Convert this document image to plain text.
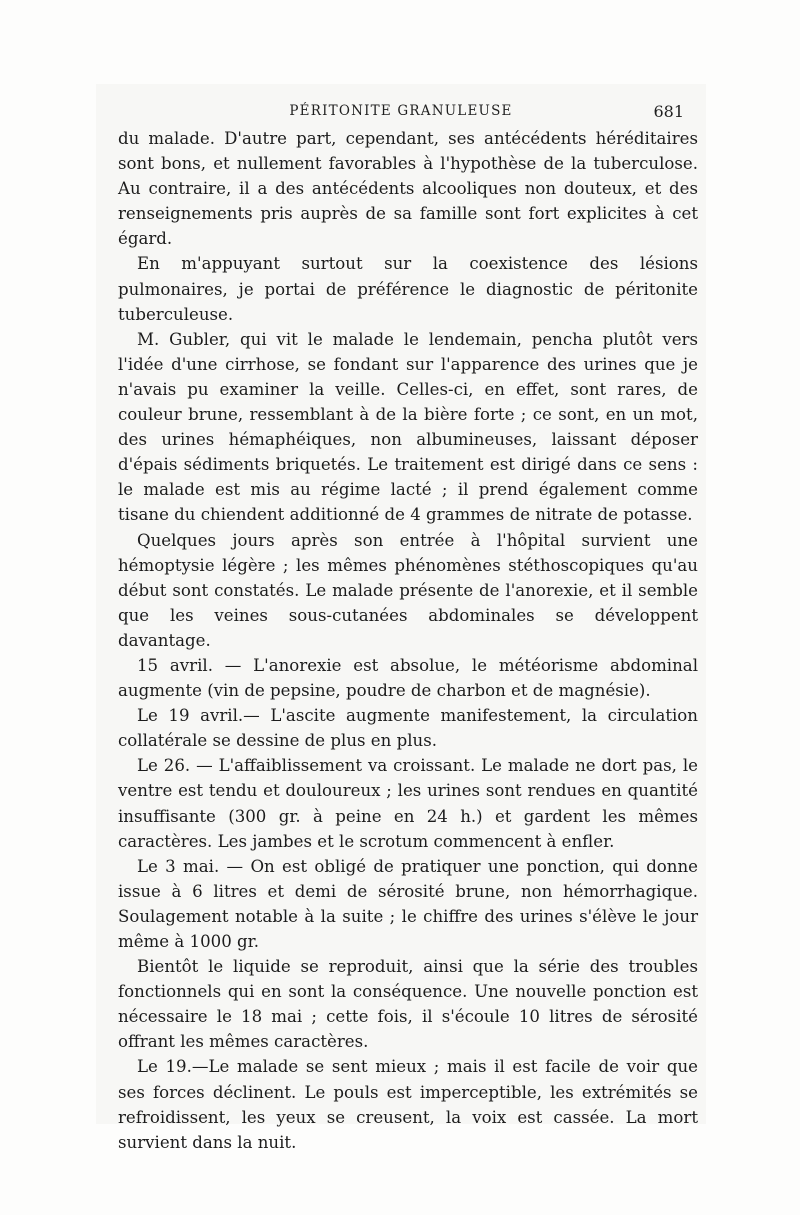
PÉRITONITE GRANULEUSE	681

du malade. D'autre part, cependant, ses antécédents héréditaires sont bons, et nullement favorables à l'hypothèse de la tuberculose. Au contraire, il a des antécédents alcooliques non douteux, et des renseignements pris auprès de sa famille sont fort explicites à cet égard.

En m'appuyant surtout sur la coexistence des lésions pulmonaires, je portai de préférence le diagnostic de péritonite tuberculeuse.

M. Gubler, qui vit le malade le lendemain, pencha plutôt vers l'idée d'une cirrhose, se fondant sur l'apparence des urines que je n'avais pu examiner la veille. Celles-ci, en effet, sont rares, de couleur brune, ressemblant à de la bière forte ; ce sont, en un mot, des urines hémaphéiques, non albumineuses, laissant déposer d'épais sédiments briquetés. Le traitement est dirigé dans ce sens : le malade est mis au régime lacté ; il prend également comme tisane du chiendent additionné de 4 grammes de nitrate de potasse.

Quelques jours après son entrée à l'hôpital survient une hémoptysie légère ; les mêmes phénomènes stéthoscopiques qu'au début sont constatés. Le malade présente de l'anorexie, et il semble que les veines sous-cutanées abdominales se développent davantage.

15 avril. — L'anorexie est absolue, le météorisme abdominal augmente (vin de pepsine, poudre de charbon et de magnésie).

Le 19 avril.— L'ascite augmente manifestement, la circulation collatérale se dessine de plus en plus.

Le 26. — L'affaiblissement va croissant. Le malade ne dort pas, le ventre est tendu et douloureux ; les urines sont rendues en quantité insuffisante (300 gr. à peine en 24 h.) et gardent les mêmes caractères. Les jambes et le scrotum commencent à enfler.

Le 3 mai. — On est obligé de pratiquer une ponction, qui donne issue à 6 litres et demi de sérosité brune, non hémorrhagique. Soulagement notable à la suite ; le chiffre des urines s'élève le jour même à 1000 gr.

Bientôt le liquide se reproduit, ainsi que la série des troubles fonctionnels qui en sont la conséquence. Une nouvelle ponction est nécessaire le 18 mai ; cette fois, il s'écoule 10 litres de sérosité offrant les mêmes caractères.

Le 19.—Le malade se sent mieux ; mais il est facile de voir que ses forces déclinent. Le pouls est imperceptible, les extrémités se refroidissent, les yeux se creusent, la voix est cassée. La mort survient dans la nuit.
